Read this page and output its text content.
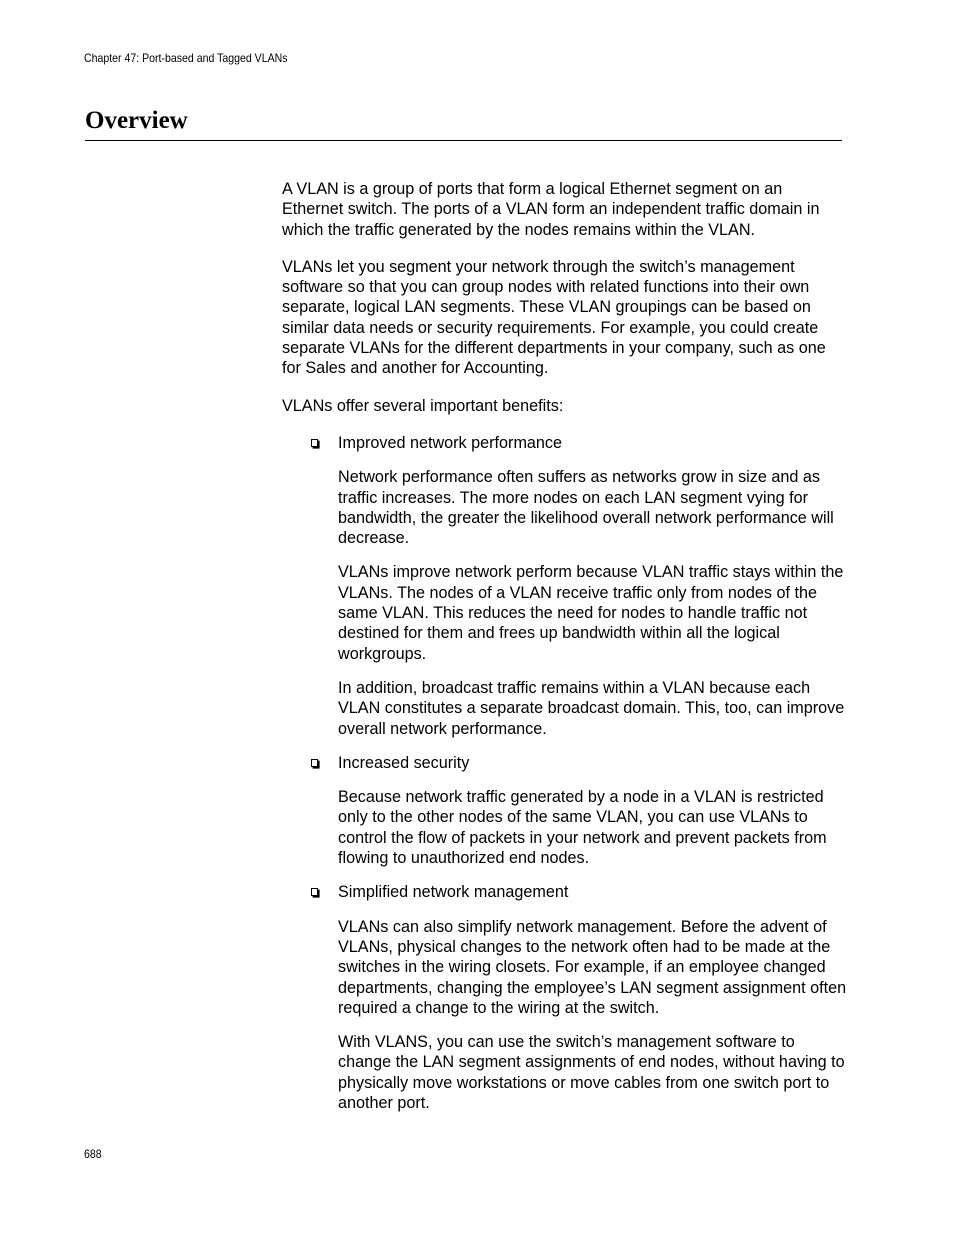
Chapter 47: Port-based and Tagged VLANs
Overview

A VLAN is a group of ports that form a logical Ethernet segment on an Ethernet switch. The ports of a VLAN form an independent traffic domain in which the traffic generated by the nodes remains within the VLAN.

VLANs let you segment your network through the switch’s management software so that you can group nodes with related functions into their own separate, logical LAN segments. These VLAN groupings can be based on similar data needs or security requirements. For example, you could create separate VLANs for the different departments in your company, such as one for Sales and another for Accounting.

VLANs offer several important benefits:

Improved network performance

Network performance often suffers as networks grow in size and as traffic increases. The more nodes on each LAN segment vying for bandwidth, the greater the likelihood overall network performance will decrease.

VLANs improve network perform because VLAN traffic stays within the VLANs. The nodes of a VLAN receive traffic only from nodes of the same VLAN. This reduces the need for nodes to handle traffic not destined for them and frees up bandwidth within all the logical workgroups.

In addition, broadcast traffic remains within a VLAN because each VLAN constitutes a separate broadcast domain. This, too, can improve overall network performance.

Increased security

Because network traffic generated by a node in a VLAN is restricted only to the other nodes of the same VLAN, you can use VLANs to control the flow of packets in your network and prevent packets from flowing to unauthorized end nodes.

Simplified network management

VLANs can also simplify network management. Before the advent of VLANs, physical changes to the network often had to be made at the switches in the wiring closets. For example, if an employee changed departments, changing the employee’s LAN segment assignment often required a change to the wiring at the switch.

With VLANS, you can use the switch’s management software to change the LAN segment assignments of end nodes, without having to physically move workstations or move cables from one switch port to another port.

688
